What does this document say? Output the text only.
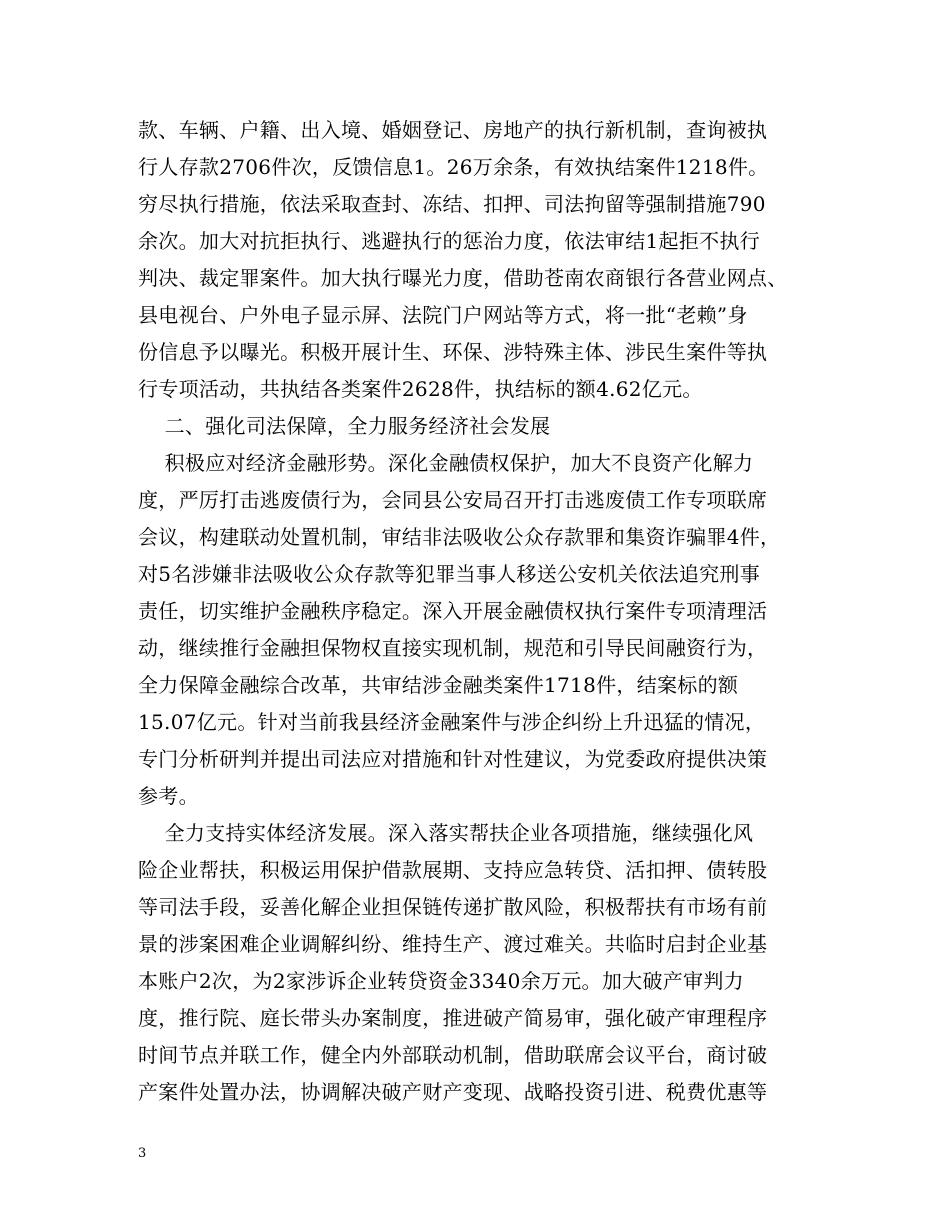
款、车辆、户籍、出入境、婚姻登记、房地产的执行新机制，查询被执
行人存款2706件次，反馈信息1。26万余条，有效执结案件1218件。
穷尽执行措施，依法采取查封、冻结、扣押、司法拘留等强制措施790
余次。加大对抗拒执行、逃避执行的惩治力度，依法审结1起拒不执行
判决、裁定罪案件。加大执行曝光力度，借助苍南农商银行各营业网点、
县电视台、户外电子显示屏、法院门户网站等方式，将一批“老赖”身
份信息予以曝光。积极开展计生、环保、涉特殊主体、涉民生案件等执
行专项活动，共执结各类案件2628件，执结标的额4.62亿元。
二、强化司法保障，全力服务经济社会发展
积极应对经济金融形势。深化金融债权保护，加大不良资产化解力
度，严厉打击逃废债行为，会同县公安局召开打击逃废债工作专项联席
会议，构建联动处置机制，审结非法吸收公众存款罪和集资诈骗罪4件，
对5名涉嫌非法吸收公众存款等犯罪当事人移送公安机关依法追究刑事
责任，切实维护金融秩序稳定。深入开展金融债权执行案件专项清理活
动，继续推行金融担保物权直接实现机制，规范和引导民间融资行为，
全力保障金融综合改革，共审结涉金融类案件1718件，结案标的额
15.07亿元。针对当前我县经济金融案件与涉企纠纷上升迅猛的情况，
专门分析研判并提出司法应对措施和针对性建议，为党委政府提供决策
参考。
全力支持实体经济发展。深入落实帮扶企业各项措施，继续强化风
险企业帮扶，积极运用保护借款展期、支持应急转贷、活扣押、债转股
等司法手段，妥善化解企业担保链传递扩散风险，积极帮扶有市场有前
景的涉案困难企业调解纠纷、维持生产、渡过难关。共临时启封企业基
本账户2次，为2家涉诉企业转贷资金3340余万元。加大破产审判力
度，推行院、庭长带头办案制度，推进破产简易审，强化破产审理程序
时间节点并联工作，健全内外部联动机制，借助联席会议平台，商讨破
产案件处置办法，协调解决破产财产变现、战略投资引进、税费优惠等
3
